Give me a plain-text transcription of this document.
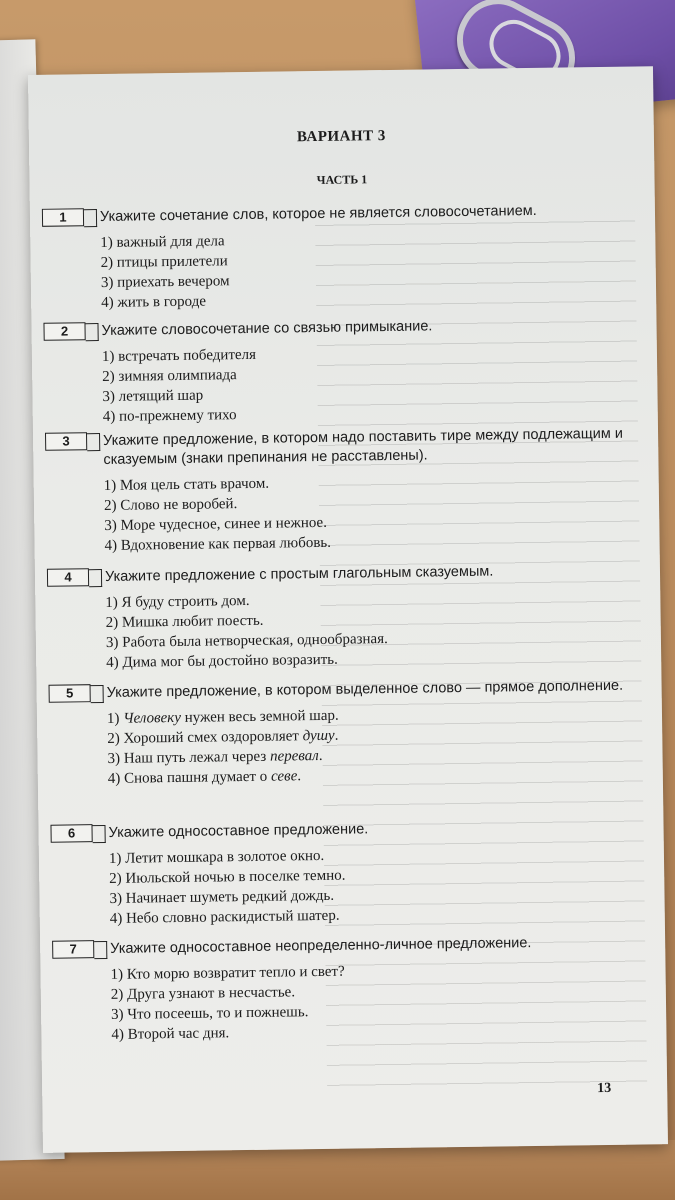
ВАРИАНТ 3
ЧАСТЬ 1
1	Укажите сочетание слов, которое не является словосочетанием.
1) важный для дела
2) птицы прилетели
3) приехать вечером
4) жить в городе
2	Укажите словосочетание со связью примыкание.
1) встречать победителя
2) зимняя олимпиада
3) летящий шар
4) по-прежнему тихо
3	Укажите предложение, в котором надо поставить тире между подлежащим и сказуемым (знаки препинания не расставлены).
1) Моя цель стать врачом.
2) Слово не воробей.
3) Море чудесное, синее и нежное.
4) Вдохновение как первая любовь.
4	Укажите предложение с простым глагольным сказуемым.
1) Я буду строить дом.
2) Мишка любит поесть.
3) Работа была нетворческая, однообразная.
4) Дима мог бы достойно возразить.
5	Укажите предложение, в котором выделенное слово — прямое дополнение.
1) Человеку нужен весь земной шар.
2) Хороший смех оздоровляет душу.
3) Наш путь лежал через перевал.
4) Снова пашня думает о севе.
6	Укажите односоставное предложение.
1) Летит мошкара в золотое окно.
2) Июльской ночью в поселке темно.
3) Начинает шуметь редкий дождь.
4) Небо словно раскидистый шатер.
7	Укажите односоставное неопределенно-личное предложение.
1) Кто морю возвратит тепло и свет?
2) Друга узнают в несчастье.
3) Что посеешь, то и пожнешь.
4) Второй час дня.
13
